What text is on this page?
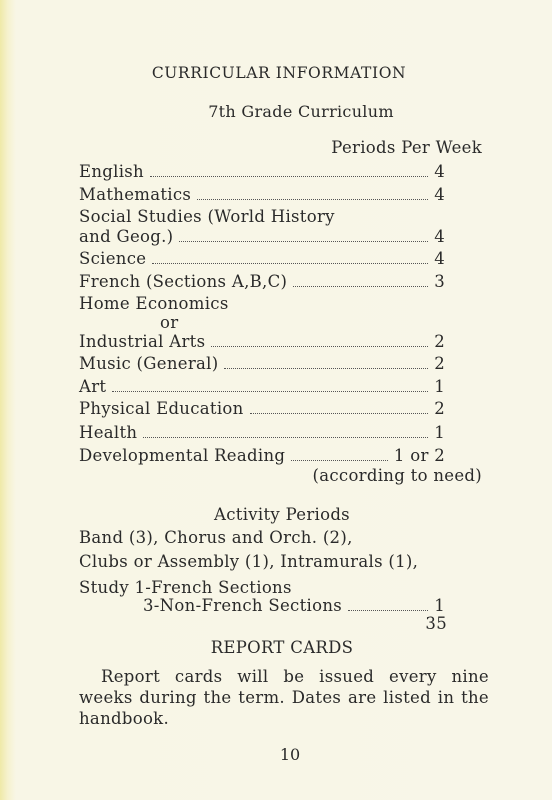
CURRICULAR INFORMATION
7th Grade Curriculum
Periods Per Week
English	4
Mathematics	4
Social Studies (World History
and Geog.)	4
Science	4
French (Sections A,B,C)	3
Home Economics
or
Industrial Arts	2
Music (General)	2
Art	1
Physical Education	2
Health	1
Developmental Reading	1 or 2
(according to need)
Activity Periods
Band (3), Chorus and Orch. (2),
Clubs or Assembly (1), Intramurals (1),
Study 1-French Sections
3-Non-French Sections	1
35
REPORT CARDS
Report cards will be issued every nine weeks during the term. Dates are listed in the handbook.
10
